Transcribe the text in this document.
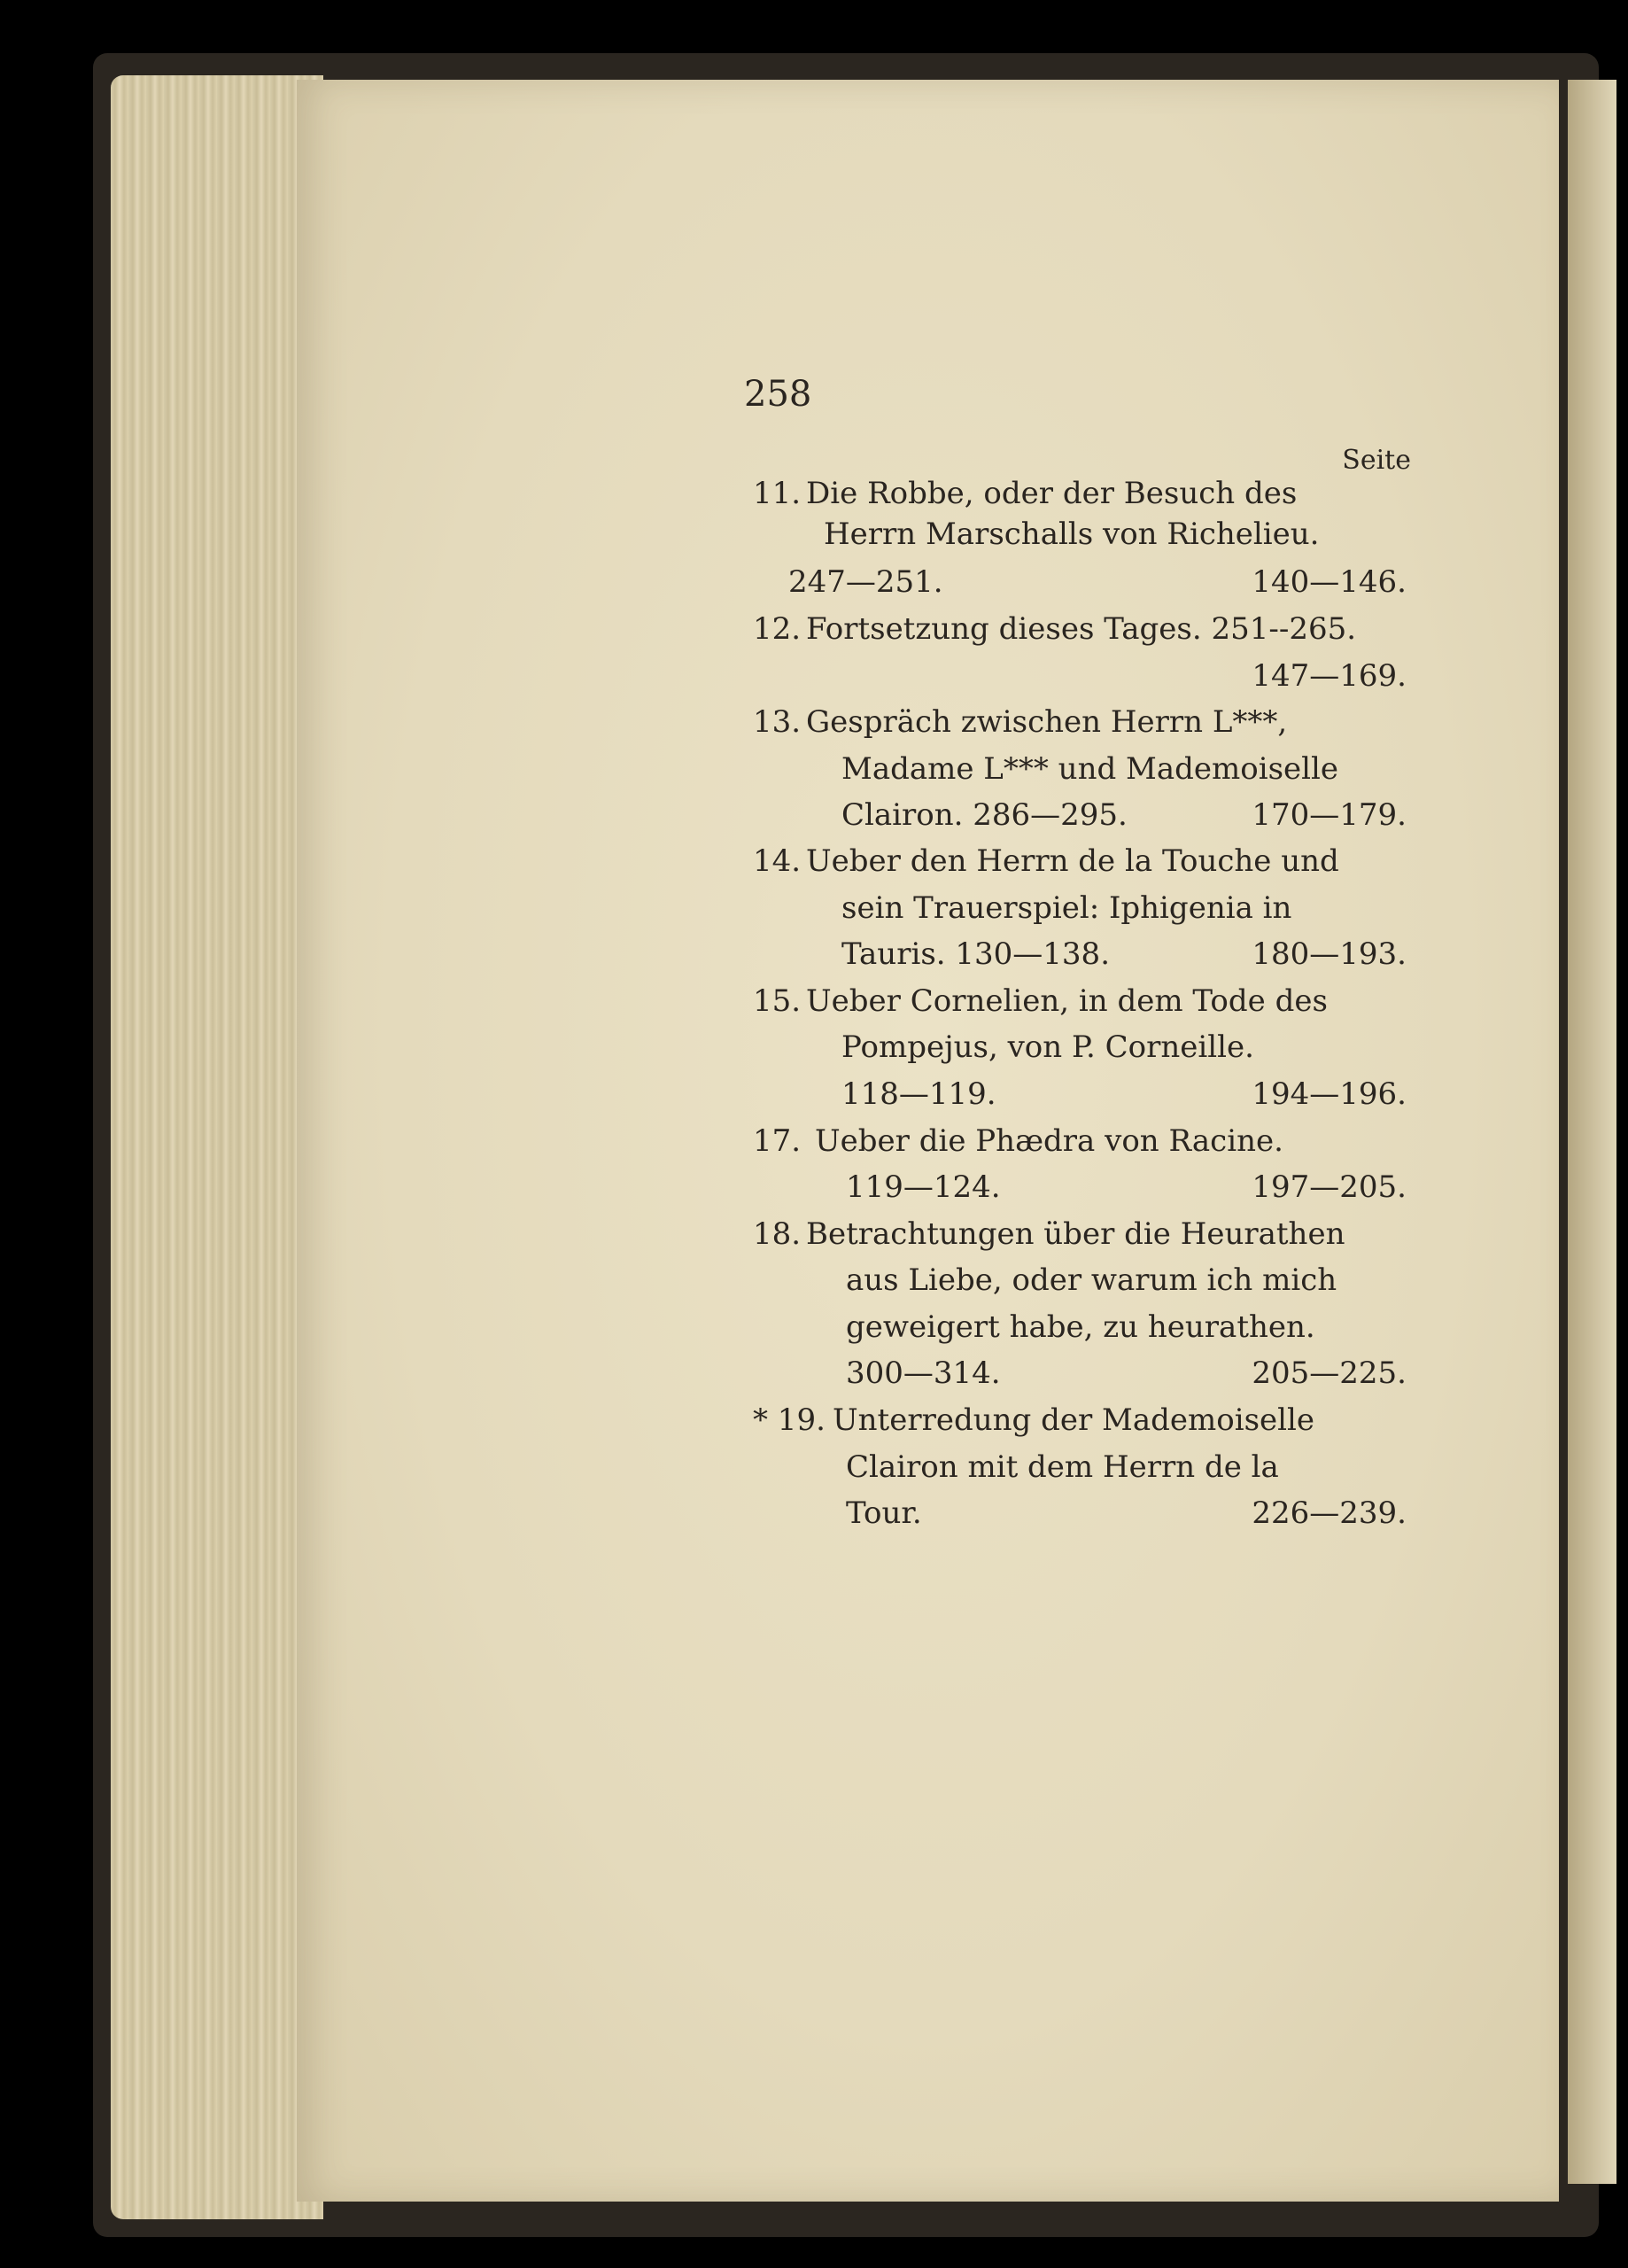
258
Seite
11. Die Robbe, oder der Besuch des
Herrn Marschalls von Richelieu.
247—251.	140—146.
12. Fortsetzung dieses Tages. 251--265.
147—169.
13. Gespräch zwischen Herrn L***,
Madame L*** und Mademoiselle
Clairon. 286—295.	170—179.
14. Ueber den Herrn de la Touche und
sein Trauerspiel: Iphigenia in
Tauris. 130—138.	180—193.
15. Ueber Cornelien, in dem Tode des
Pompejus, von P. Corneille.
118—119.	194—196.
17. Ueber die Phædra von Racine.
119—124.	197—205.
18. Betrachtungen über die Heurathen
aus Liebe, oder warum ich mich
geweigert habe, zu heurathen.
300—314.	205—225.
* 19. Unterredung der Mademoiselle
Clairon mit dem Herrn de la
Tour.	226—239.
